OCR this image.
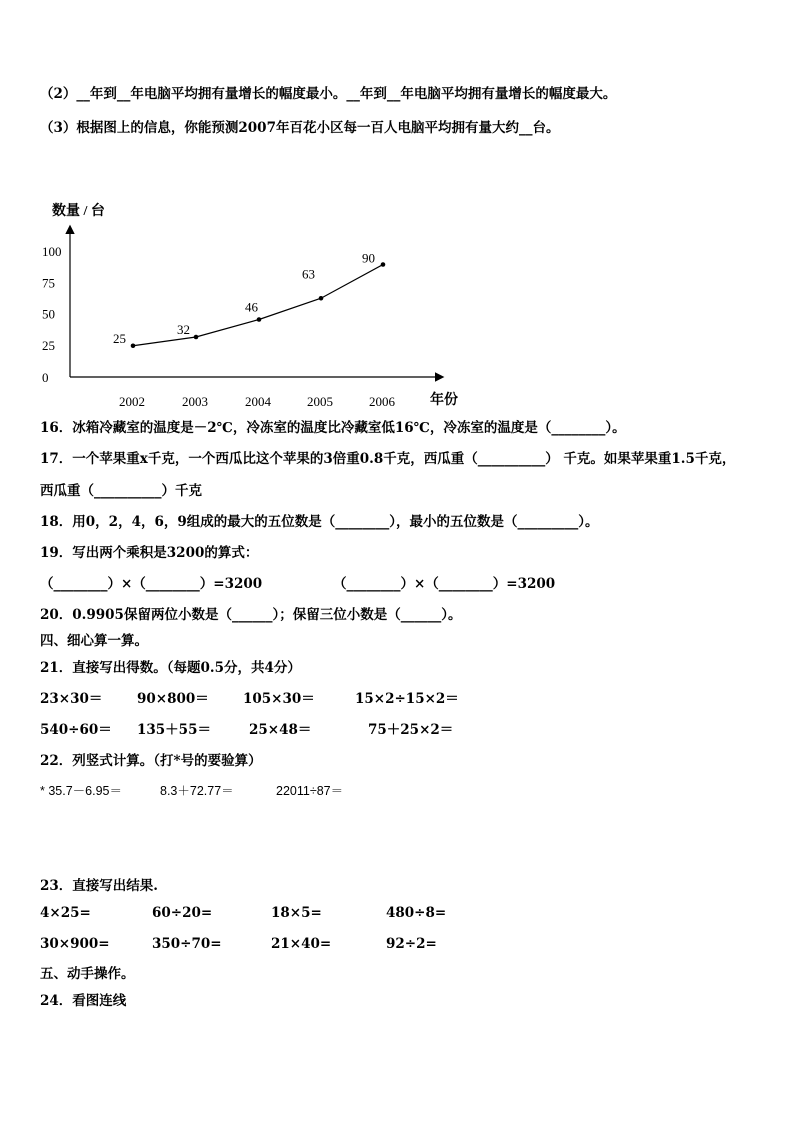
（2）__年到__年电脑平均拥有量增长的幅度最小。__年到__年电脑平均拥有量增长的幅度最大。
（3）根据图上的信息，你能预测2007年百花小区每一百人电脑平均拥有量大约__台。
数量 / 台
年份
0
25
50
75
100
2002	2003	2004	2005	2006
25
32
46
63
90
16．冰箱冷藏室的温度是－2℃，冷冻室的温度比冷藏室低16℃，冷冻室的温度是（________）。
17．一个苹果重x千克，一个西瓜比这个苹果的3倍重0.8千克，西瓜重（__________） 千克。如果苹果重1.5千克，
西瓜重（__________）千克
18．用0，2，4，6，9组成的最大的五位数是（________），最小的五位数是（_________）。
19．写出两个乘积是3200的算式：
（________）×（________）=3200	（________）×（________）=3200
20．0.9905保留两位小数是（______）；保留三位小数是（______）。
四、细心算一算。
21．直接写出得数。（每题0.5分，共4分）
23×30＝	90×800＝	105×30＝	15×2÷15×2＝
540÷60＝ 135＋55＝	25×48＝	75＋25×2＝
22．列竖式计算。（打*号的要验算）
* 35.7－6.95＝	8.3＋72.77＝	22011÷87＝
23．直接写出结果.
4×25=	60÷20=	18×5=	480÷8=
30×900=	350÷70=	21×40=	92÷2=
五、动手操作。
24．看图连线
